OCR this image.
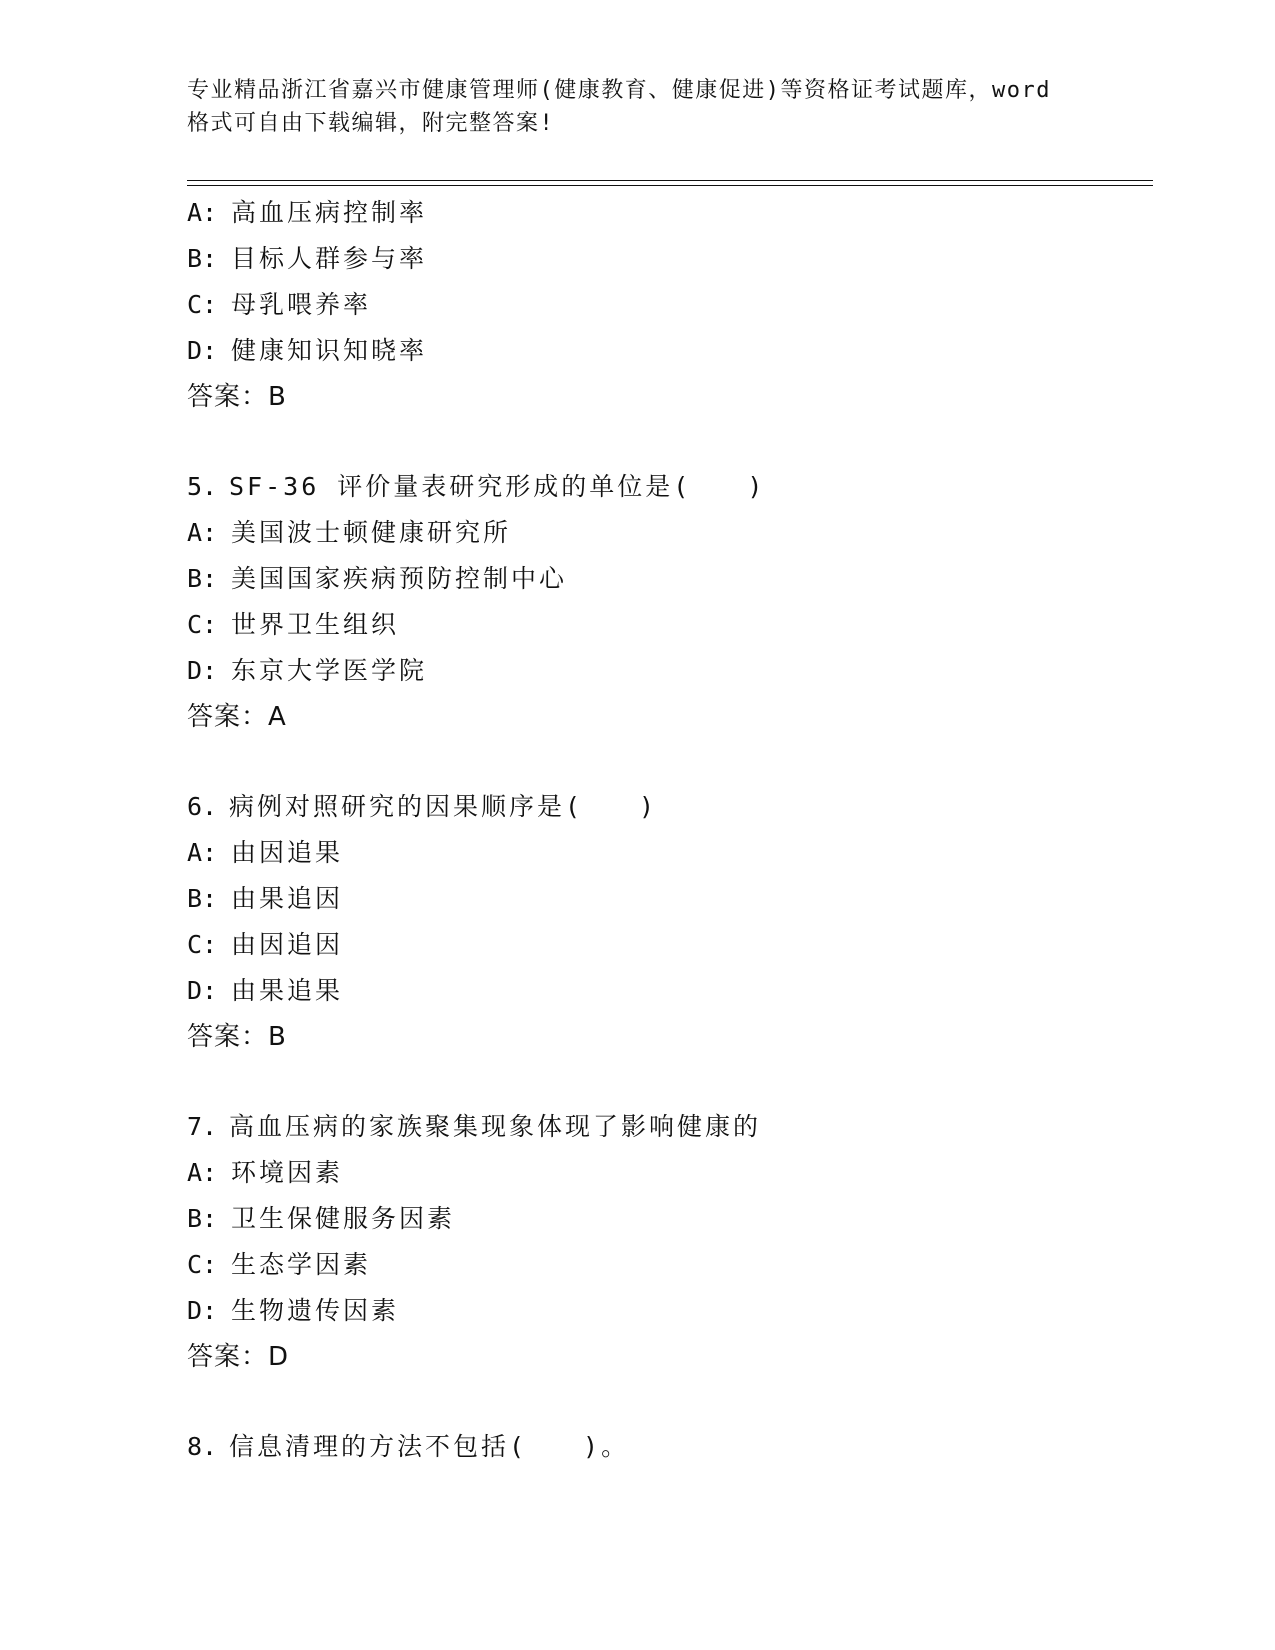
专业精品浙江省嘉兴市健康管理师(健康教育、健康促进)等资格证考试题库，word
格式可自由下载编辑，附完整答案!
A: 高血压病控制率
B: 目标人群参与率
C: 母乳喂养率
D: 健康知识知晓率
答案：B
5. SF-36 评价量表研究形成的单位是(　　)
A: 美国波士顿健康研究所
B: 美国国家疾病预防控制中心
C: 世界卫生组织
D: 东京大学医学院
答案：A
6. 病例对照研究的因果顺序是(　　)
A: 由因追果
B: 由果追因
C: 由因追因
D: 由果追果
答案：B
7. 高血压病的家族聚集现象体现了影响健康的
A: 环境因素
B: 卫生保健服务因素
C: 生态学因素
D: 生物遗传因素
答案：D
8. 信息清理的方法不包括(　　)。
